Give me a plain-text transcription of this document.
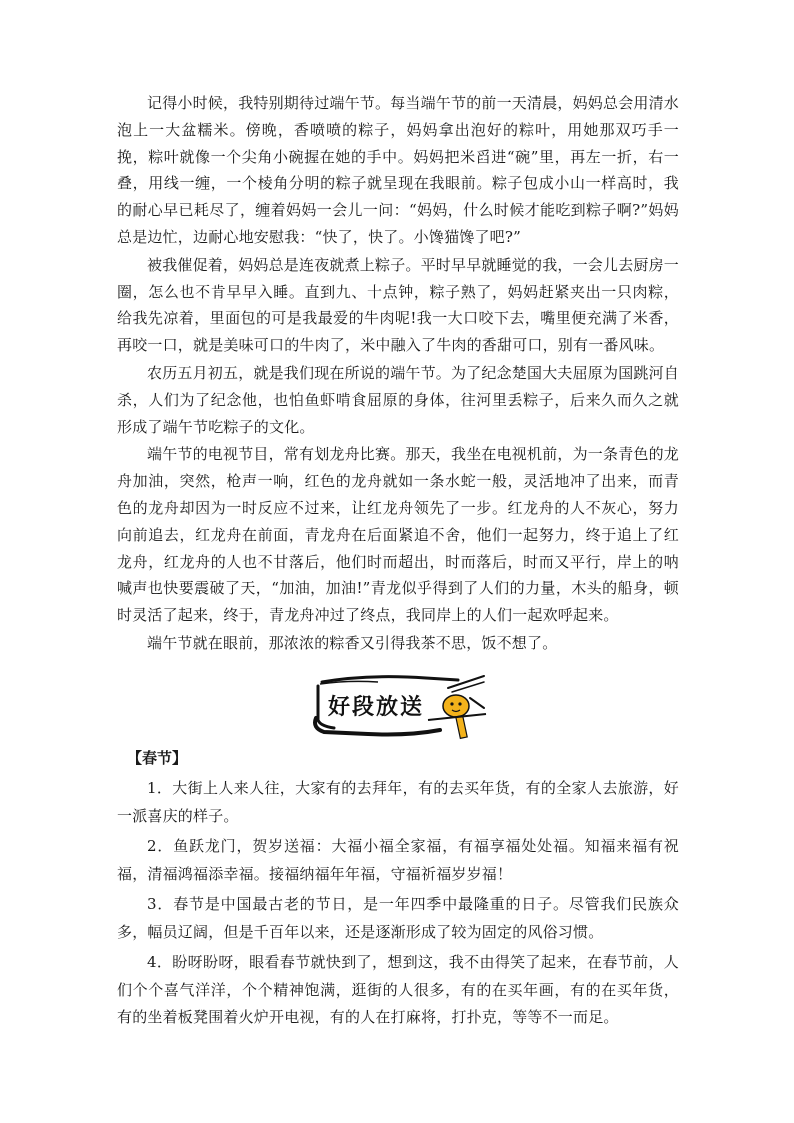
记得小时候，我特别期待过端午节。每当端午节的前一天清晨，妈妈总会用清水泡上一大盆糯米。傍晚，香喷喷的粽子，妈妈拿出泡好的粽叶，用她那双巧手一挽，粽叶就像一个尖角小碗握在她的手中。妈妈把米舀进“碗”里，再左一折，右一叠，用线一缠，一个棱角分明的粽子就呈现在我眼前。粽子包成小山一样高时，我的耐心早已耗尽了，缠着妈妈一会儿一问：“妈妈，什么时候才能吃到粽子啊?”妈妈总是边忙，边耐心地安慰我：“快了，快了。小馋猫馋了吧?”

被我催促着，妈妈总是连夜就煮上粽子。平时早早就睡觉的我，一会儿去厨房一圈，怎么也不肯早早入睡。直到九、十点钟，粽子熟了，妈妈赶紧夹出一只肉粽，给我先凉着，里面包的可是我最爱的牛肉呢!我一大口咬下去，嘴里便充满了米香，再咬一口，就是美味可口的牛肉了，米中融入了牛肉的香甜可口，别有一番风味。

农历五月初五，就是我们现在所说的端午节。为了纪念楚国大夫屈原为国跳河自杀，人们为了纪念他，也怕鱼虾啃食屈原的身体，往河里丢粽子，后来久而久之就形成了端午节吃粽子的文化。

端午节的电视节目，常有划龙舟比赛。那天，我坐在电视机前，为一条青色的龙舟加油，突然，枪声一响，红色的龙舟就如一条水蛇一般，灵活地冲了出来，而青色的龙舟却因为一时反应不过来，让红龙舟领先了一步。红龙舟的人不灰心，努力向前追去，红龙舟在前面，青龙舟在后面紧追不舍，他们一起努力，终于追上了红龙舟，红龙舟的人也不甘落后，他们时而超出，时而落后，时而又平行，岸上的呐喊声也快要震破了天，“加油，加油!”青龙似乎得到了人们的力量，木头的船身，顿时灵活了起来，终于，青龙舟冲过了终点，我同岸上的人们一起欢呼起来。

端午节就在眼前，那浓浓的粽香又引得我茶不思，饭不想了。

好段放送
【春节】

1．大街上人来人往，大家有的去拜年，有的去买年货，有的全家人去旅游，好一派喜庆的样子。

2．鱼跃龙门，贺岁送福：大福小福全家福，有福享福处处福。知福来福有祝福，清福鸿福添幸福。接福纳福年年福，守福祈福岁岁福！

3．春节是中国最古老的节日，是一年四季中最隆重的日子。尽管我们民族众多，幅员辽阔，但是千百年以来，还是逐渐形成了较为固定的风俗习惯。

4．盼呀盼呀，眼看春节就快到了，想到这，我不由得笑了起来，在春节前，人们个个喜气洋洋，个个精神饱满，逛街的人很多，有的在买年画，有的在买年货，有的坐着板凳围着火炉开电视，有的人在打麻将，打扑克，等等不一而足。
